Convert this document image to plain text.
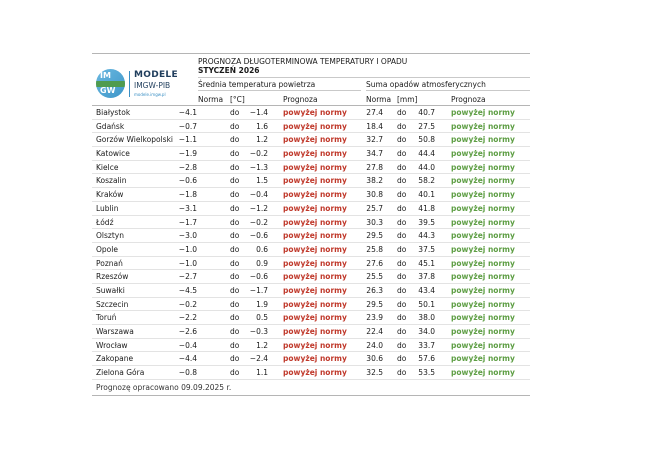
IM
GW
MODELE
IMGW-PIB
modele.imgw.pl
PROGNOZA DŁUGOTERMINOWA TEMPERATURY I OPADU
STYCZEŃ 2026
Średnia temperatura powietrza	Suma opadów atmosferycznych
Norma [°C]	Prognoza	Norma [mm]	Prognoza
Białystok	−4.1	do −1.4 powyżej normy	27.4 do 40.7 powyżej normy
Gdańsk	−0.7	do 1.6 powyżej normy	18.4 do 27.5 powyżej normy
Gorzów Wielkopolski −1.1	do 1.2 powyżej normy	32.7 do 50.8 powyżej normy
Katowice	−1.9	do −0.2 powyżej normy	34.7 do 44.4 powyżej normy
Kielce	−2.8	do −1.3 powyżej normy	27.8 do 44.0 powyżej normy
Koszalin	−0.6	do 1.5 powyżej normy	38.2 do 58.2 powyżej normy
Kraków	−1.8	do −0.4 powyżej normy	30.8 do 40.1 powyżej normy
Lublin	−3.1	do −1.2 powyżej normy	25.7 do 41.8 powyżej normy
Łódź	−1.7	do −0.2 powyżej normy	30.3 do 39.5 powyżej normy
Olsztyn	−3.0	do −0.6 powyżej normy	29.5 do 44.3 powyżej normy
Opole	−1.0	do 0.6 powyżej normy	25.8 do 37.5 powyżej normy
Poznań	−1.0	do 0.9 powyżej normy	27.6 do 45.1 powyżej normy
Rzeszów	−2.7	do −0.6 powyżej normy	25.5 do 37.8 powyżej normy
Suwałki	−4.5	do −1.7 powyżej normy	26.3 do 43.4 powyżej normy
Szczecin	−0.2	do 1.9 powyżej normy	29.5 do 50.1 powyżej normy
Toruń	−2.2	do 0.5 powyżej normy	23.9 do 38.0 powyżej normy
Warszawa	−2.6	do −0.3 powyżej normy	22.4 do 34.0 powyżej normy
Wrocław	−0.4	do 1.2 powyżej normy	24.0 do 33.7 powyżej normy
Zakopane	−4.4	do −2.4 powyżej normy	30.6 do 57.6 powyżej normy
Zielona Góra	−0.8	do 1.1 powyżej normy	32.5 do 53.5 powyżej normy
Prognozę opracowano 09.09.2025 r.
